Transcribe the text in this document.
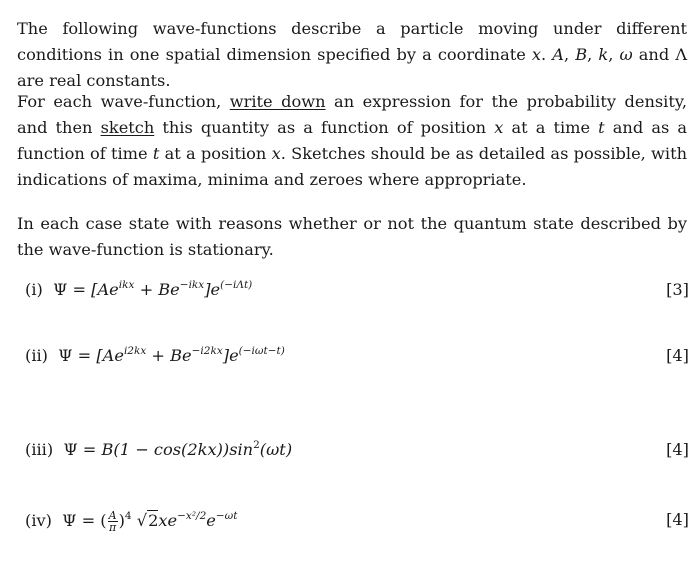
The following wave-functions describe a particle moving under different conditions in one spatial dimension specified by a coordinate x. A, B, k, ω and Λ are real constants.

For each wave-function, write down an expression for the probability density, and then sketch this quantity as a function of position x at a time t and as a function of time t at a position x. Sketches should be as detailed as possible, with indications of maxima, minima and zeroes where appropriate.

In each case state with reasons whether or not the quantum state described by the wave-function is stationary.

(i) $\Psi = [Ae^{ikx} + Be^{-ikx}]e^{(-i\Lambda t)}$	[3]
(ii) $\Psi = [Ae^{i2kx} + Be^{-i2kx}]e^{(-i\omega t-t)}$	[4]
(iii) $\Psi = B(1 - \cos(2kx))\sin^2(\omega t)$	[4]
(iv) Ψ = ( $\frac{A}{\pi} )^4$ $√2xe^{-x^2/2}e^{-\omega t}$	[4]
